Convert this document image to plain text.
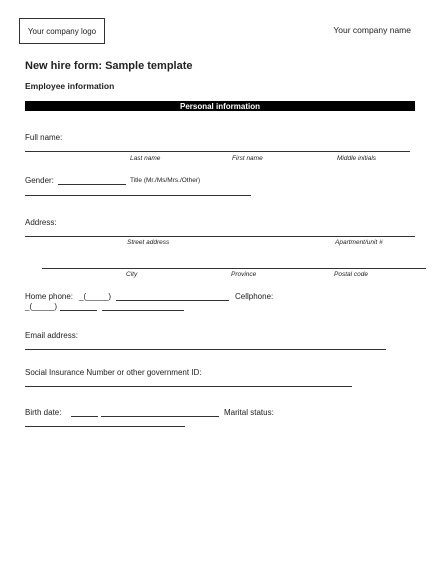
Your company logo	Your company name
New hire form: Sample template
Employee information
Personal information
Full name:
Last name	First name	Middle initials
Gender:	Title (Mr./Ms/Mrs./Other)
Address:
Street address	Apartment/unit #
City	Province	Postal code
Home phone: _(_____)	Cellphone:
_(_____)
Email address:
Social Insurance Number or other government ID:
Birth date:	Marital status:
